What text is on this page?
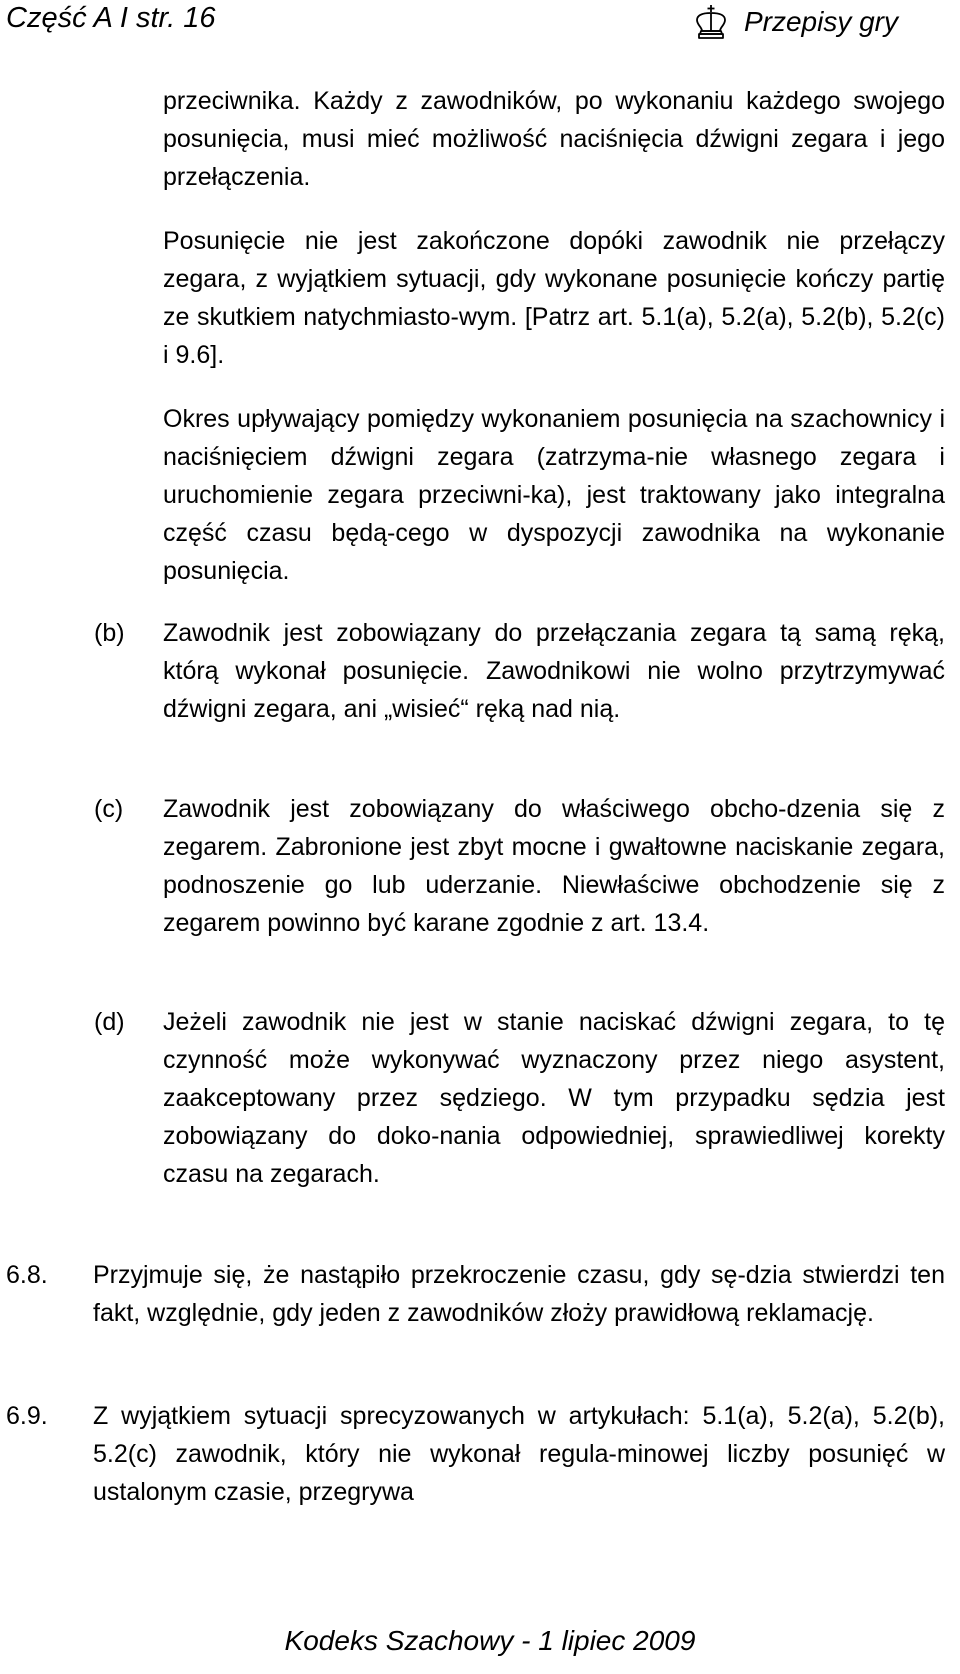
Część A I str. 16	Przepisy gry
przeciwnika. Każdy z zawodników, po wykonaniu każdego swojego posunięcia, musi mieć możliwość naciśnięcia dźwigni zegara i jego przełączenia.
Posunięcie nie jest zakończone dopóki zawodnik nie przełączy zegara, z wyjątkiem sytuacji, gdy wykonane posunięcie kończy partię ze skutkiem natychmiasto-wym. [Patrz art. 5.1(a), 5.2(a), 5.2(b), 5.2(c) i 9.6].
Okres upływający pomiędzy wykonaniem posunięcia na szachownicy i naciśnięciem dźwigni zegara (zatrzyma-nie własnego zegara i uruchomienie zegara przeciwni-ka), jest traktowany jako integralna część czasu będą-cego w dyspozycji zawodnika na wykonanie posunięcia.
(b) Zawodnik jest zobowiązany do przełączania zegara tą samą ręką, którą wykonał posunięcie. Zawodnikowi nie wolno przytrzymywać dźwigni zegara, ani „wisieć“ ręką nad nią.
(c) Zawodnik jest zobowiązany do właściwego obcho-dzenia się z zegarem. Zabronione jest zbyt mocne i gwałtowne naciskanie zegara, podnoszenie go lub uderzanie. Niewłaściwe obchodzenie się z zegarem powinno być karane zgodnie z art. 13.4.
(d) Jeżeli zawodnik nie jest w stanie naciskać dźwigni zegara, to tę czynność może wykonywać wyznaczony przez niego asystent, zaakceptowany przez sędziego. W tym przypadku sędzia jest zobowiązany do doko-nania odpowiedniej, sprawiedliwej korekty czasu na zegarach.
6.8. Przyjmuje się, że nastąpiło przekroczenie czasu, gdy sę-dzia stwierdzi ten fakt, względnie, gdy jeden z zawodników złoży prawidłową reklamację.
6.9. Z wyjątkiem sytuacji sprecyzowanych w artykułach: 5.1(a), 5.2(a), 5.2(b), 5.2(c) zawodnik, który nie wykonał regula-minowej liczby posunięć w ustalonym czasie, przegrywa
Kodeks Szachowy - 1 lipiec 2009
